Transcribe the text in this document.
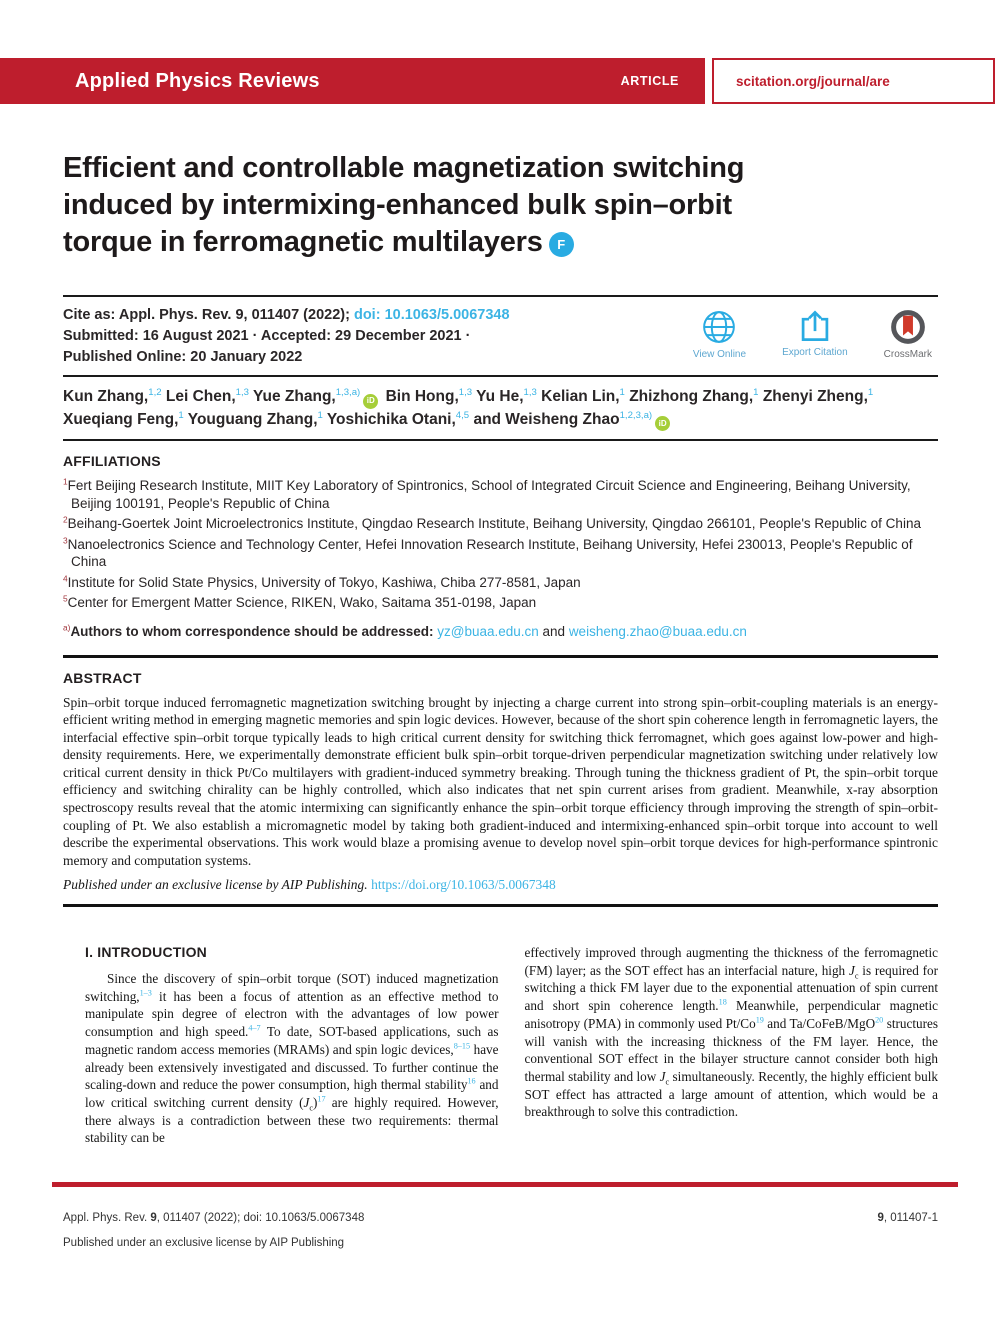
Applied Physics Reviews	ARTICLE	scitation.org/journal/are
Efficient and controllable magnetization switching
induced by intermixing-enhanced bulk spin–orbit
torque in ferromagnetic multilayers F
Cite as: Appl. Phys. Rev. 9, 011407 (2022); doi: 10.1063/5.0067348
Submitted: 16 August 2021 · Accepted: 29 December 2021 ·
Published Online: 20 January 2022	View Online	Export Citation	CrossMark

Kun Zhang,$^{1,2}$ Lei Chen,$^{1,3}$ Yue Zhang,$^{1,3,a)}$iD Bin Hong,$^{1,3}$ Yu He,$^{1,3}$ Kelian Lin,$^1$ Zhizhong Zhang,$^1$ Zhenyi Zheng,$^1$ Xueqiang Feng,$^1$ Youguang Zhang,$^1$ Yoshichika Otani,$^{4,5}$ and Weisheng Zhao$^{1,2,3,a)}$iD

AFFILIATIONS

$^1$Fert Beijing Research Institute, MIIT Key Laboratory of Spintronics, School of Integrated Circuit Science and Engineering, Beihang University, Beijing 100191, People's Republic of China

$^2$Beihang-Goertek Joint Microelectronics Institute, Qingdao Research Institute, Beihang University, Qingdao 266101, People's Republic of China

$^3$Nanoelectronics Science and Technology Center, Hefei Innovation Research Institute, Beihang University, Hefei 230013, People's Republic of China

$^4$Institute for Solid State Physics, University of Tokyo, Kashiwa, Chiba 277-8581, Japan

$^5$Center for Emergent Matter Science, RIKEN, Wako, Saitama 351-0198, Japan

$^{a)}$Authors to whom correspondence should be addressed: yz@buaa.edu.cn and weisheng.zhao@buaa.edu.cn

ABSTRACT

Spin–orbit torque induced ferromagnetic magnetization switching brought by injecting a charge current into strong spin–orbit-coupling materials is an energy-efficient writing method in emerging magnetic memories and spin logic devices. However, because of the short spin coherence length in ferromagnetic layers, the interfacial effective spin–orbit torque typically leads to high critical current density for switching thick ferromagnet, which goes against low-power and high-density requirements. Here, we experimentally demonstrate efficient bulk spin–orbit torque-driven perpendicular magnetization switching under relatively low critical current density in thick Pt/Co multilayers with gradient-induced symmetry breaking. Through tuning the thickness gradient of Pt, the spin–orbit torque efficiency and switching chirality can be highly controlled, which also indicates that net spin current arises from gradient. Meanwhile, x-ray absorption spectroscopy results reveal that the atomic intermixing can significantly enhance the spin–orbit torque efficiency through improving the strength of spin–orbit-coupling of Pt. We also establish a micromagnetic model by taking both gradient-induced and intermixing-enhanced spin–orbit torque into account to well describe the experimental observations. This work would blaze a promising avenue to develop novel spin–orbit torque devices for high-performance spintronic memory and computation systems.

Published under an exclusive license by AIP Publishing. https://doi.org/10.1063/5.0067348

I. INTRODUCTION

Since the discovery of spin–orbit torque (SOT) induced magnetization switching,$^{1-3}$ it has been a focus of attention as an effective method to manipulate spin degree of electron with the advantages of low power consumption and high speed.$^{4-7}$ To date, SOT-based applications, such as magnetic random access memories (MRAMs) and spin logic devices,$^{8-15}$ have already been extensively investigated and discussed. To further continue the scaling-down and reduce the power consumption, high thermal stability$^{16}$ and low critical switching current density $(J_c)^{17}$ are highly required. However, there always is a contradiction between these two requirements: thermal stability can be

effectively improved through augmenting the thickness of the ferromagnetic (FM) layer; as the SOT effect has an interfacial nature, high $J_c$ is required for switching a thick FM layer due to the exponential attenuation of spin current and short spin coherence length.$^{18}$ Meanwhile, perpendicular magnetic anisotropy (PMA) in commonly used Pt/Co$^{19}$ and Ta/CoFeB/MgO$^{20}$ structures will vanish with the increasing thickness of the FM layer. Hence, the conventional SOT effect in the bilayer structure cannot consider both high thermal stability and low $J_c$ simultaneously. Recently, the highly efficient bulk SOT effect has attracted a large amount of attention, which would be a breakthrough to solve this contradiction.

Appl. Phys. Rev. 9, 011407 (2022); doi: 10.1063/5.0067348
Published under an exclusive license by AIP Publishing
9, 011407-1
